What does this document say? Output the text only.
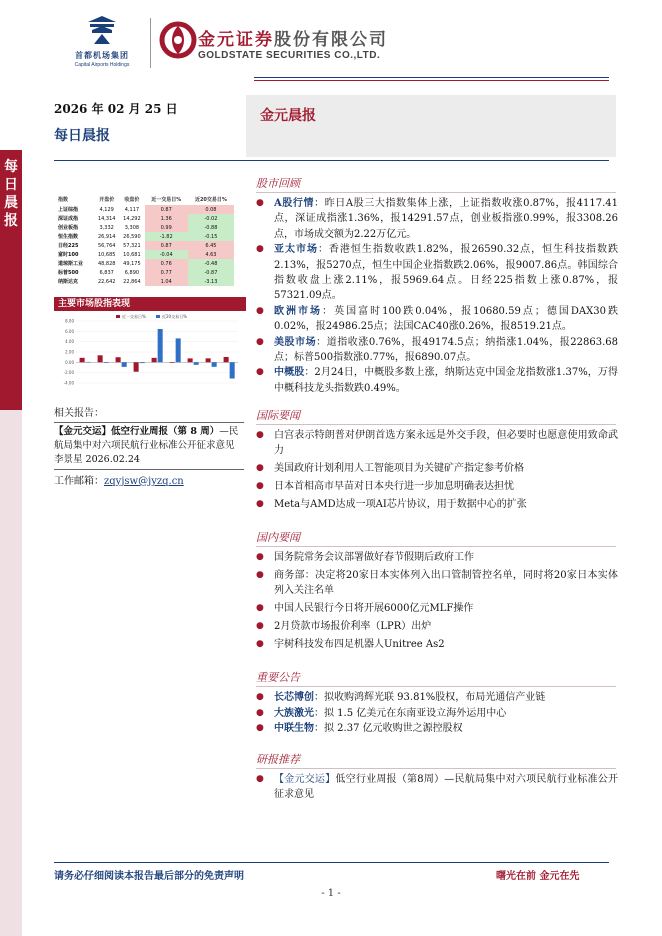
首都机场集团
Capital Airports Holdings
金元证券股份有限公司
GOLDSTATE SECURITIES CO.,LTD.
每
日
晨
报
2026 年 02 月 25 日
每日晨报
金元晨报
指数	开盘价	收盘价	近一交易日%	近20交易日%
上证综指	4,129	4,117	0.87	0.08
深证成指	14,314	14,292	1.36	-0.02
创业板指	3,332	3,308	0.99	-0.88
恒生指数	26,914	26,590	-1.82	-0.15
日经225	56,764	57,321	0.87	6.45
富时100	10,685	10,681	-0.04	4.63
道琼斯工业	48,828	49,175	0.76	-0.48
标普500	6,837	6,890	0.77	-0.87
纳斯达克	22,642	22,864	1.04	-3.13
主要市场股指表现
8.00
6.00
4.00
2.00
0.00
-2.00
-4.00
近一交易日%	近20交易日%
相关报告：
【金元交运】低空行业周报（第 8 周）—民航局集中对六项民航行业标准公开征求意见 李景星 2026.02.24
工作邮箱：zqyjsw@jyzq.cn
股市回顾
● A股行情：昨日A股三大指数集体上涨，上证指数收涨0.87%，报4117.41点，深证成指涨1.36%，报14291.57点，创业板指涨0.99%，报3308.26点，市场成交额为2.22万亿元。
● 亚太市场：香港恒生指数收跌1.82%，报26590.32点，恒生科技指数跌2.13%，报5270点，恒生中国企业指数跌2.06%，报9007.86点。韩国综合指数收盘上涨2.11%，报5969.64点。日经225指数上涨0.87%，报57321.09点。
● 欧洲市场：英国富时100跌0.04%，报10680.59点；德国DAX30跌0.02%，报24986.25点；法国CAC40涨0.26%，报8519.21点。
● 美股市场：道指收涨0.76%，报49174.5点；纳指涨1.04%，报22863.68点；标普500指数涨0.77%，报6890.07点。
● 中概股：2月24日，中概股多数上涨，纳斯达克中国金龙指数涨1.37%，万得中概科技龙头指数跌0.49%。
国际要闻
● 白宫表示特朗普对伊朗首选方案永远是外交手段，但必要时也愿意使用致命武力
● 美国政府计划利用人工智能项目为关键矿产指定参考价格
● 日本首相高市早苗对日本央行进一步加息明确表达担忧
● Meta与AMD达成一项AI芯片协议，用于数据中心的扩张
国内要闻
● 国务院常务会议部署做好春节假期后政府工作
● 商务部：决定将20家日本实体列入出口管制管控名单，同时将20家日本实体列入关注名单
● 中国人民银行今日将开展6000亿元MLF操作
● 2月贷款市场报价利率（LPR）出炉
● 宇树科技发布四足机器人Unitree As2
重要公告
● 长芯博创：拟收购鸿辉光联 93.81%股权，布局光通信产业链
● 大族激光：拟 1.5 亿美元在东南亚设立海外运用中心
● 中联生物：拟 2.37 亿元收购世之源控股权
研报推荐
● 【金元交运】低空行业周报（第8周）—民航局集中对六项民航行业标准公开征求意见
请务必仔细阅读本报告最后部分的免责声明	曙光在前 金元在先
- 1 -
